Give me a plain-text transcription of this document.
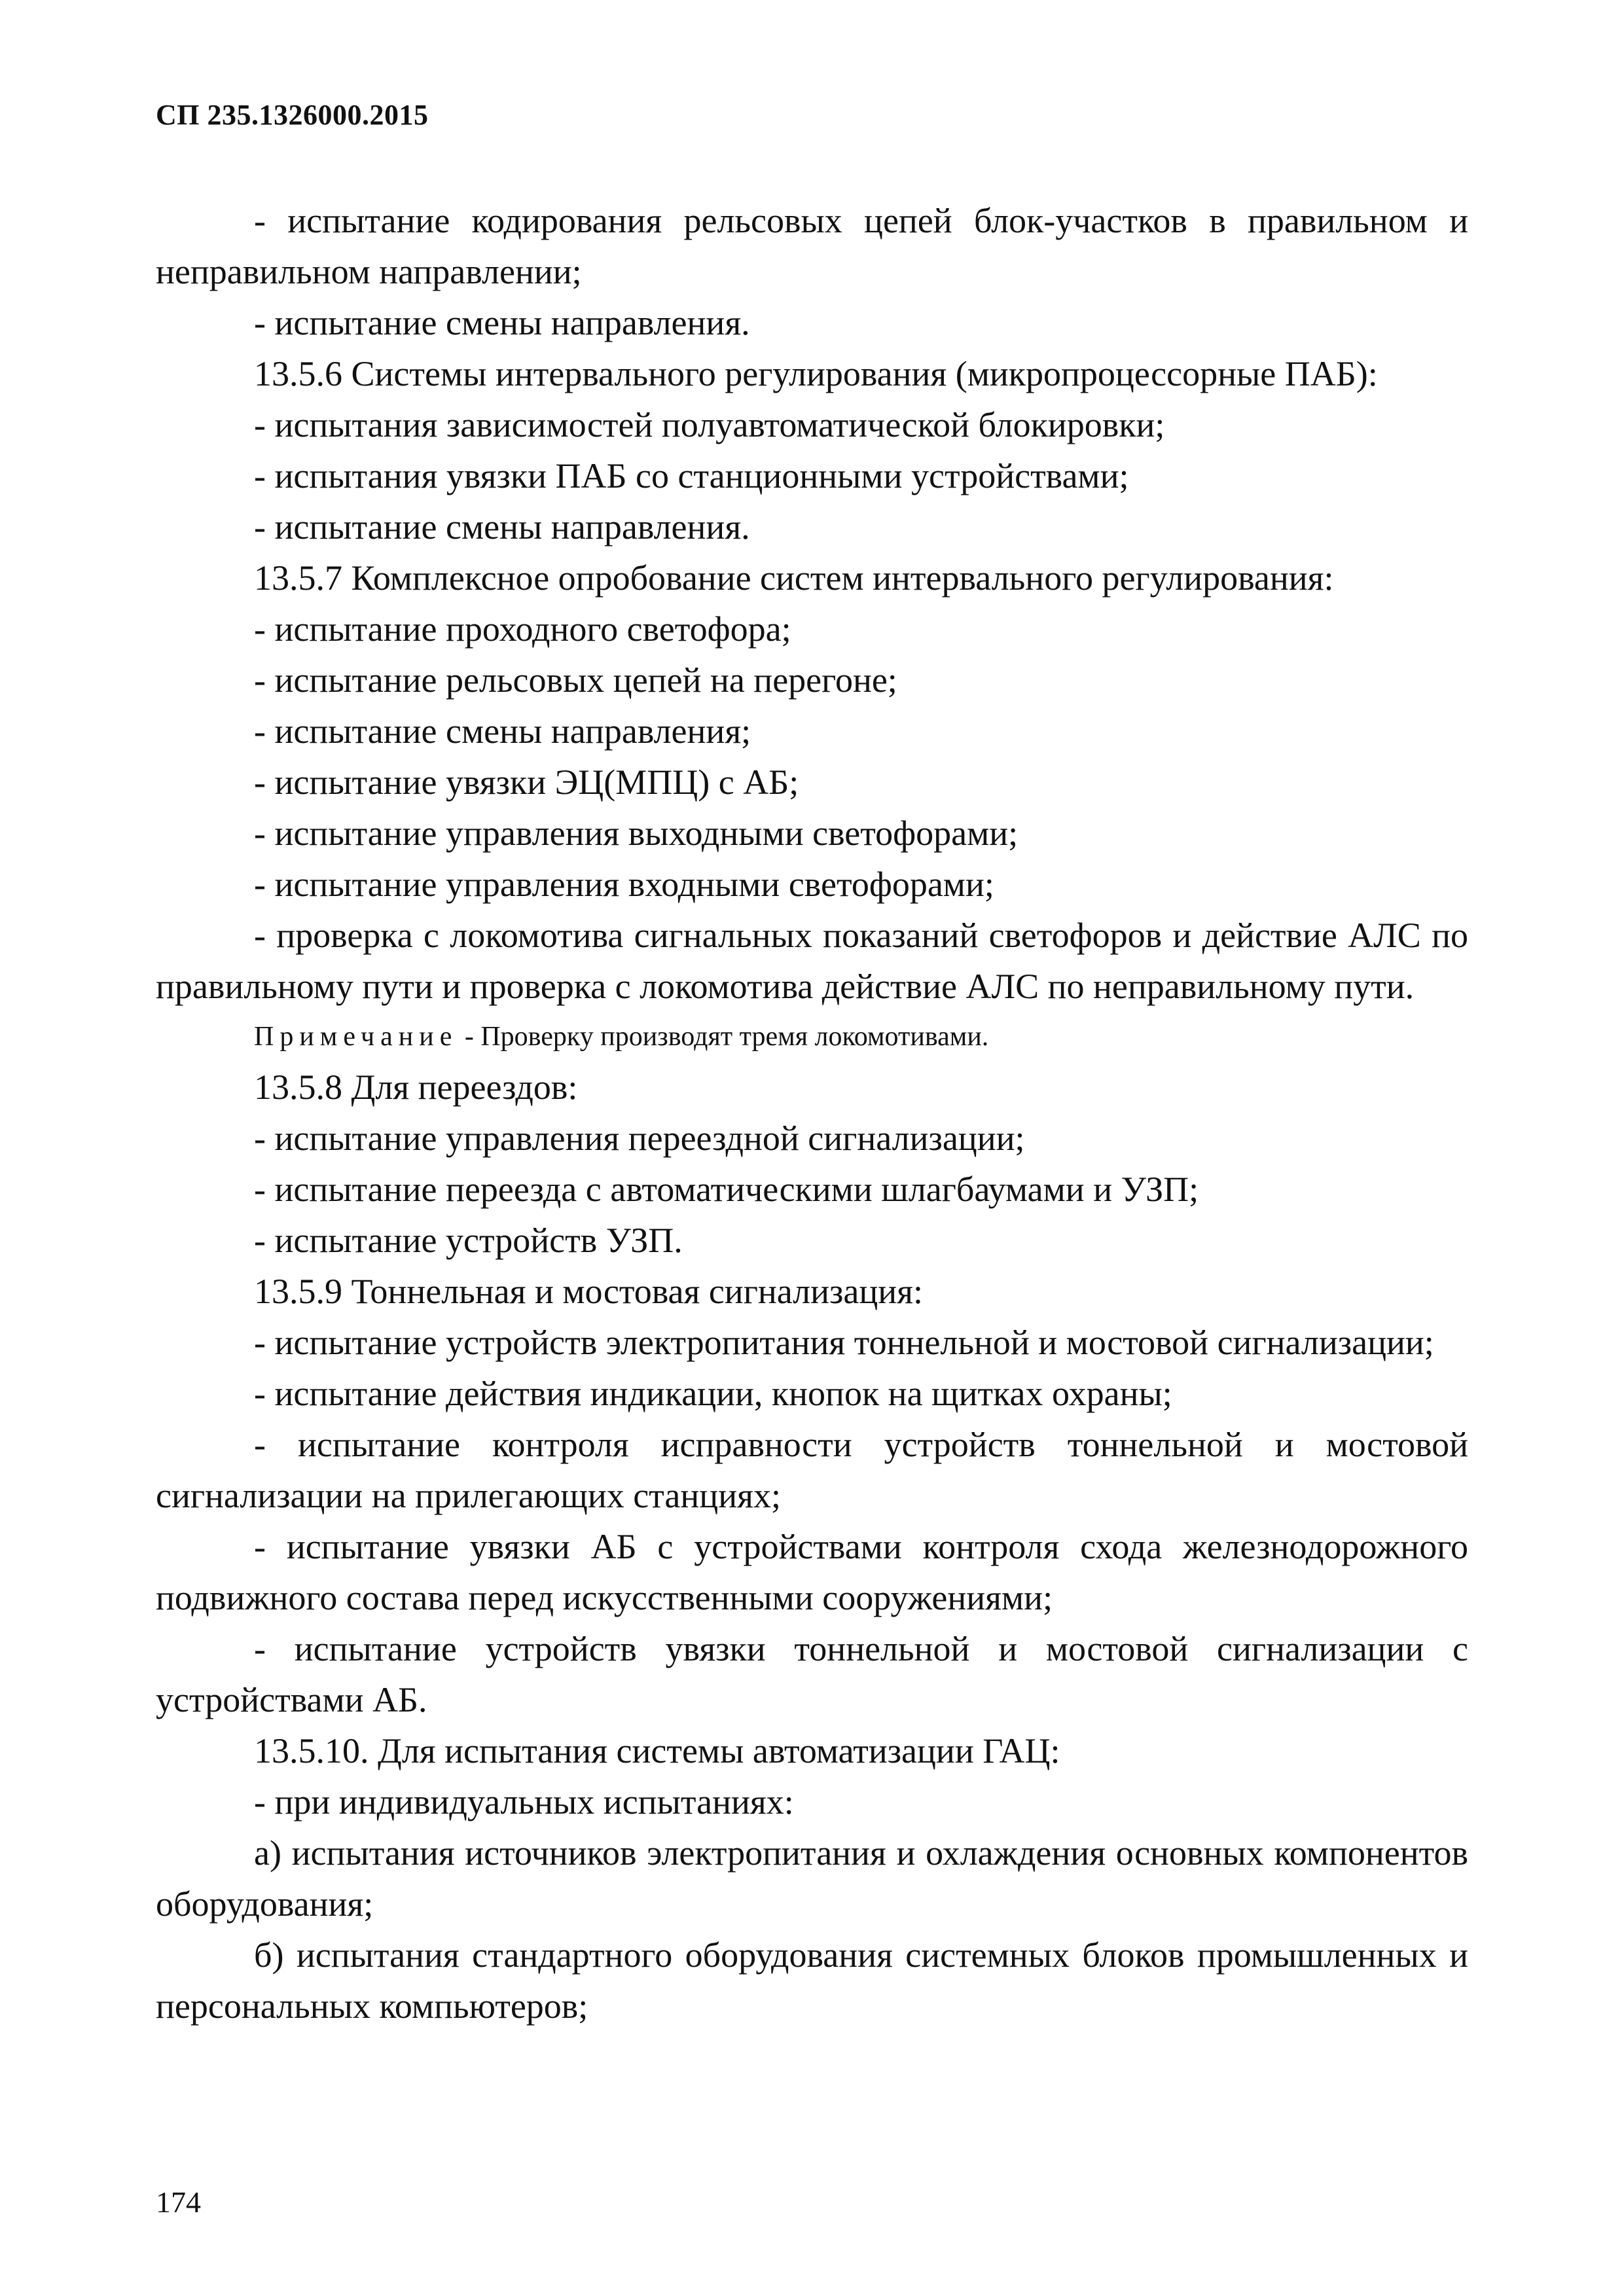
СП 235.1326000.2015

- испытание кодирования рельсовых цепей блок-участков в правильном и неправильном направлении;

- испытание смены направления.

13.5.6 Системы интервального регулирования (микропроцессорные ПАБ):

- испытания зависимостей полуавтоматической блокировки;

- испытания увязки ПАБ со станционными устройствами;

- испытание смены направления.

13.5.7 Комплексное опробование систем интервального регулирования:

- испытание проходного светофора;

- испытание рельсовых цепей на перегоне;

- испытание смены направления;

- испытание увязки ЭЦ(МПЦ) с АБ;

- испытание управления выходными светофорами;

- испытание управления входными светофорами;

- проверка с локомотива сигнальных показаний светофоров и действие АЛС по правильному пути и проверка с локомотива действие АЛС по неправильному пути.

Примечание - Проверку производят тремя локомотивами.

13.5.8 Для переездов:

- испытание управления переездной сигнализации;

- испытание переезда с автоматическими шлагбаумами и УЗП;

- испытание устройств УЗП.

13.5.9 Тоннельная и мостовая сигнализация:

- испытание устройств электропитания тоннельной и мостовой сигнализации;

- испытание действия индикации, кнопок на щитках охраны;

- испытание контроля исправности устройств тоннельной и мостовой сигнализации на прилегающих станциях;

- испытание увязки АБ с устройствами контроля схода железнодорожного подвижного состава перед искусственными сооружениями;

- испытание устройств увязки тоннельной и мостовой сигнализации с устройствами АБ.

13.5.10. Для испытания системы автоматизации ГАЦ:

- при индивидуальных испытаниях:

а) испытания источников электропитания и охлаждения основных компонентов оборудования;

б) испытания стандартного оборудования системных блоков промышленных и персональных компьютеров;

174
